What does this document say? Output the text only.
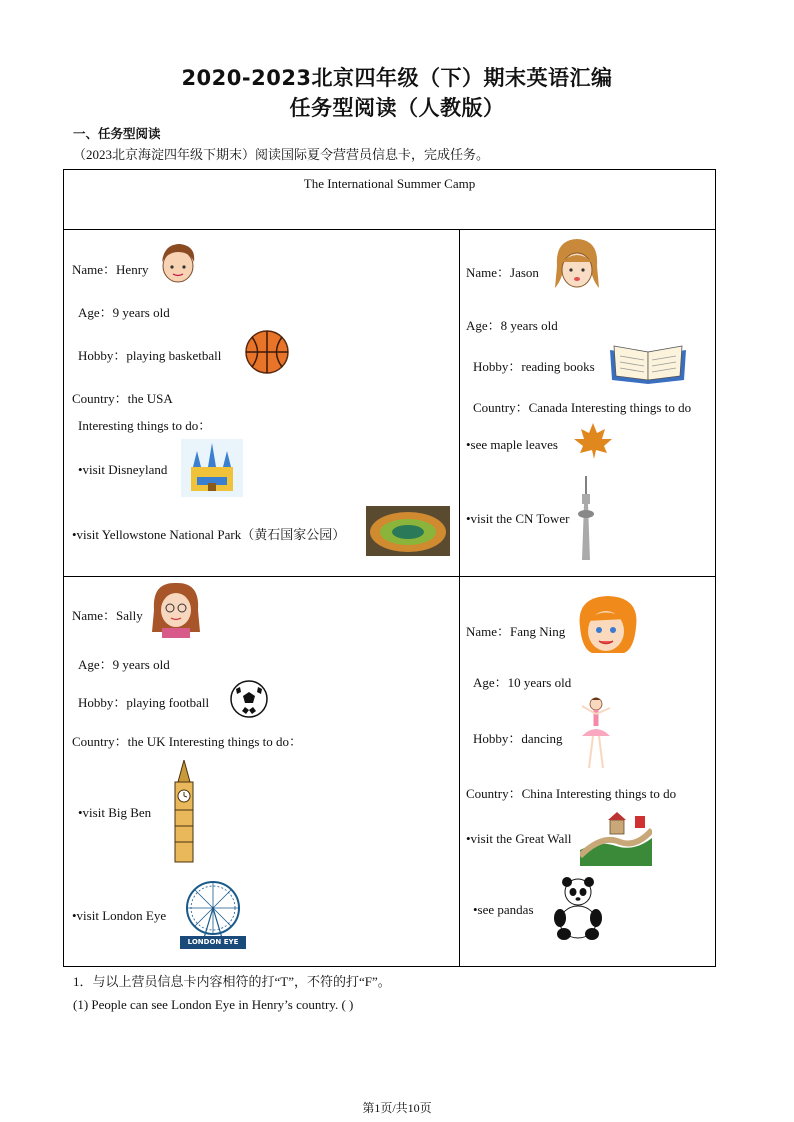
2020-2023北京四年级（下）期末英语汇编
任务型阅读（人教版）
一、任务型阅读
（2023北京海淀四年级下期末）阅读国际夏令营营员信息卡，完成任务。
The International Summer Camp
Name：Henry
Age：9 years old
Hobby：playing basketball
Country：the USA
Interesting things to do：
•visit Disneyland
•visit Yellowstone National Park（黄石国家公园）
Name：Jason
Age：8 years old
Hobby：reading books
Country：Canada Interesting things to do
•see maple leaves
•visit the CN Tower
Name：Sally
Age：9 years old
Hobby：playing football
Country：the UK Interesting things to do：
•visit Big Ben
•visit London Eye
LONDON EYE
Name：Fang Ning
Age：10 years old
Hobby：dancing
Country：China Interesting things to do
•visit the Great Wall
•see pandas
1．与以上营员信息卡内容相符的打“T”，不符的打“F”。
(1) People can see London Eye in Henry’s country. ( )
第1页/共10页
